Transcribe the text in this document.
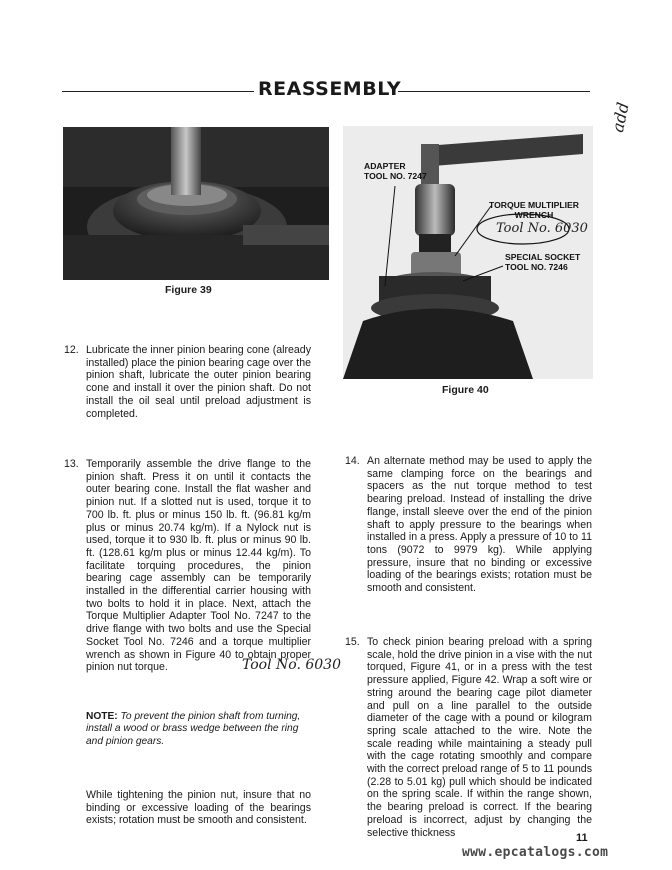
REASSEMBLY
Figure 39
ADAPTER
TOOL NO. 7247
TORQUE MULTIPLIER
WRENCH
SPECIAL SOCKET
TOOL NO. 7246
Tool No. 6030
add
Figure 40
12. Lubricate the inner pinion bearing cone (already installed) place the pinion bearing cage over the pinion shaft, lubricate the outer pinion bearing cone and install it over the pinion shaft. Do not install the oil seal until preload adjustment is completed.
13. Temporarily assemble the drive flange to the pinion shaft. Press it on until it contacts the outer bearing cone. Install the flat washer and pinion nut. If a slotted nut is used, torque it to 700 lb. ft. plus or minus 150 lb. ft. (96.81 kg/m plus or minus 20.74 kg/m). If a Nylock nut is used, torque it to 930 lb. ft. plus or minus 90 lb. ft. (128.61 kg/m plus or minus 12.44 kg/m). To facilitate torquing procedures, the pinion bearing cage assembly can be temporarily installed in the differential carrier housing with two bolts to hold it in place. Next, attach the Torque Multiplier Adapter Tool No. 7247 to the drive flange with two bolts and use the Special Socket Tool No. 7246 and a torque multiplier wrench as shown in Figure 40 to obtain proper pinion nut torque.	Tool No. 6030
NOTE: To prevent the pinion shaft from turning, install a wood or brass wedge between the ring and pinion gears.
While tightening the pinion nut, insure that no binding or excessive loading of the bearings exists; rotation must be smooth and consistent.
14. An alternate method may be used to apply the same clamping force on the bearings and spacers as the nut torque method to test bearing preload. Instead of installing the drive flange, install sleeve over the end of the pinion shaft to apply pressure to the bearings when installed in a press. Apply a pressure of 10 to 11 tons (9072 to 9979 kg). While applying pressure, insure that no binding or excessive loading of the bearings exists; rotation must be smooth and consistent.
15. To check pinion bearing preload with a spring scale, hold the drive pinion in a vise with the nut torqued, Figure 41, or in a press with the test pressure applied, Figure 42. Wrap a soft wire or string around the bearing cage pilot diameter and pull on a line parallel to the outside diameter of the cage with a pound or kilogram spring scale attached to the wire. Note the scale reading while maintaining a steady pull with the cage rotating smoothly and compare with the correct preload range of 5 to 11 pounds (2.28 to 5.01 kg) pull which should be indicated on the spring scale. If within the range shown, the bearing preload is correct. If the bearing preload is incorrect, adjust by changing the selective thickness	11
www.epcatalogs.com
